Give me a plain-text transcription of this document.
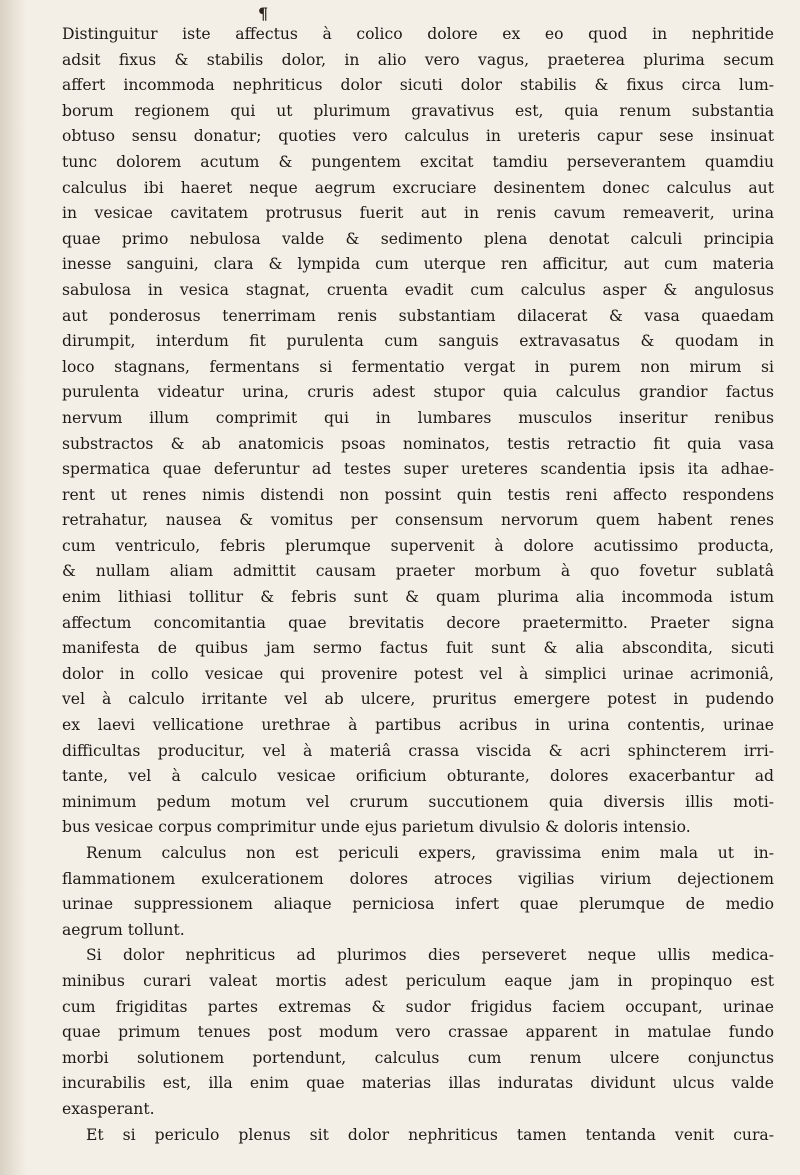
¶
Distinguitur iste affectus à colico dolore ex eo quod in nephritide
adsit fixus & stabilis dolor, in alio vero vagus, praeterea plurima secum
affert incommoda nephriticus dolor sicuti dolor stabilis & fixus circa lum-
borum regionem qui ut plurimum gravativus est, quia renum substantia
obtuso sensu donatur; quoties vero calculus in ureteris capur sese insinuat
tunc dolorem acutum & pungentem excitat tamdiu perseverantem quamdiu
calculus ibi haeret neque aegrum excruciare desinentem donec calculus aut
in vesicae cavitatem protrusus fuerit aut in renis cavum remeaverit, urina
quae primo nebulosa valde & sedimento plena denotat calculi principia
inesse sanguini, clara & lympida cum uterque ren afficitur, aut cum materia
sabulosa in vesica stagnat, cruenta evadit cum calculus asper & angulosus
aut ponderosus tenerrimam renis substantiam dilacerat & vasa quaedam
dirumpit, interdum fit purulenta cum sanguis extravasatus & quodam in
loco stagnans, fermentans si fermentatio vergat in purem non mirum si
purulenta videatur urina, cruris adest stupor quia calculus grandior factus
nervum illum comprimit qui in lumbares musculos inseritur renibus
substractos & ab anatomicis psoas nominatos, testis retractio fit quia vasa
spermatica quae deferuntur ad testes super ureteres scandentia ipsis ita adhae-
rent ut renes nimis distendi non possint quin testis reni affecto respondens
retrahatur, nausea & vomitus per consensum nervorum quem habent renes
cum ventriculo, febris plerumque supervenit à dolore acutissimo producta,
& nullam aliam admittit causam praeter morbum à quo fovetur sublatâ
enim lithiasi tollitur & febris sunt & quam plurima alia incommoda istum
affectum concomitantia quae brevitatis decore praetermitto. Praeter signa
manifesta de quibus jam sermo factus fuit sunt & alia abscondita, sicuti
dolor in collo vesicae qui provenire potest vel à simplici urinae acrimoniâ,
vel à calculo irritante vel ab ulcere, pruritus emergere potest in pudendo
ex laevi vellicatione urethrae à partibus acribus in urina contentis, urinae
difficultas producitur, vel à materiâ crassa viscida & acri sphincterem irri-
tante, vel à calculo vesicae orificium obturante, dolores exacerbantur ad
minimum pedum motum vel crurum succutionem quia diversis illis moti-
bus vesicae corpus comprimitur unde ejus parietum divulsio & doloris intensio.
Renum calculus non est periculi expers, gravissima enim mala ut in-
flammationem exulcerationem dolores atroces vigilias virium dejectionem
urinae suppressionem aliaque perniciosa infert quae plerumque de medio
aegrum tollunt.
Si dolor nephriticus ad plurimos dies perseveret neque ullis medica-
minibus curari valeat mortis adest periculum eaque jam in propinquo est
cum frigiditas partes extremas & sudor frigidus faciem occupant, urinae
quae primum tenues post modum vero crassae apparent in matulae fundo
morbi solutionem portendunt, calculus cum renum ulcere conjunctus
incurabilis est, illa enim quae materias illas induratas dividunt ulcus valde
exasperant.
Et si periculo plenus sit dolor nephriticus tamen tentanda venit cura-
